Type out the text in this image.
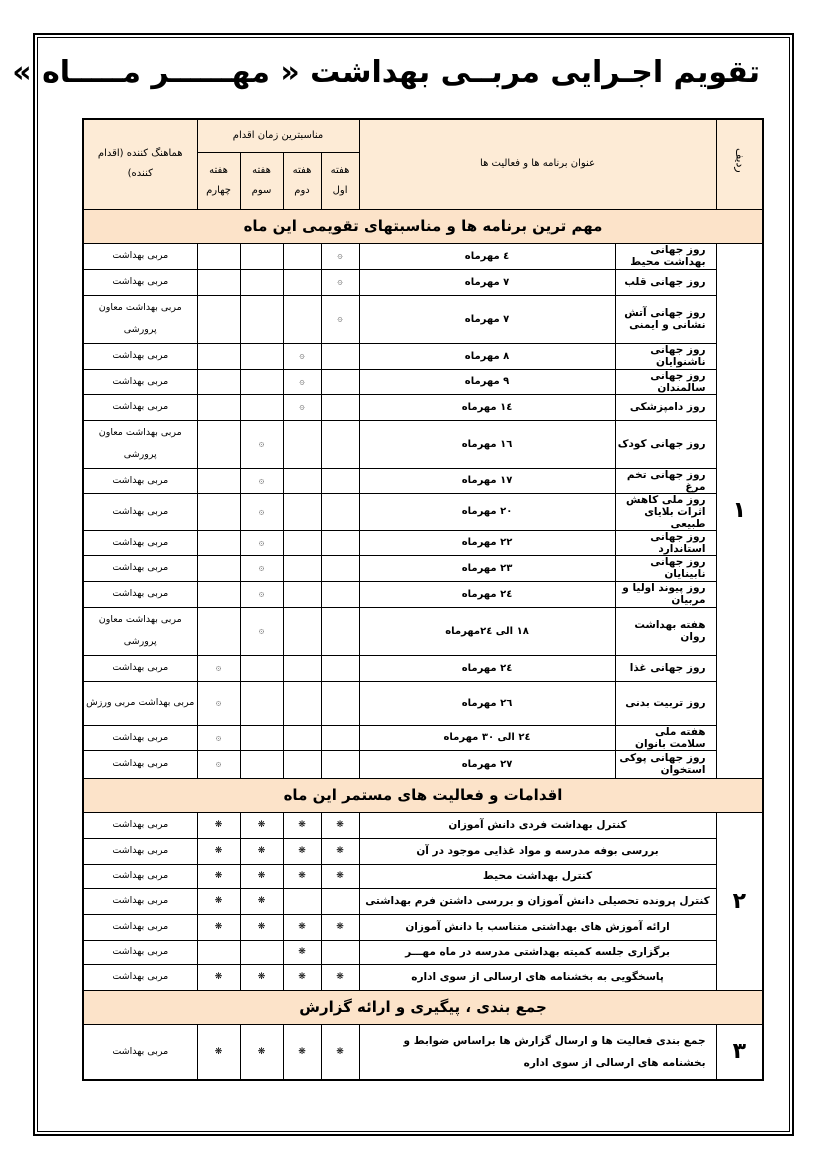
تقویم اجـرایی مربــی بهداشت « مهــــــر مـــــاه »
ردیف	عنوان برنامه ها و فعالیت ها		مناسبترین زمان اقدام				هماهنگ کننده (اقدام کننده)
			هفته اول	هفته دوم	هفته سوم	هفته چهارم	
مهم ترین برنامه ها و مناسبتهای تقویمی این ماه							
۱	روز جهانی بهداشت محیط	٤ مهرماه	۞				مربی بهداشت
	روز جهانی قلب	۷ مهرماه	۞				مربی بهداشت
	روز جهانی آتش نشانی و ایمنی	۷ مهرماه	۞				مربی بهداشت معاون پرورشی
	روز جهانی ناشنوایان	۸ مهرماه		۞			مربی بهداشت
	روز جهانی سالمندان	۹ مهرماه		۞			مربی بهداشت
	روز دامپزشکی	١٤ مهرماه		۞			مربی بهداشت
	روز جهانی کودک	١٦ مهرماه			۞		مربی بهداشت معاون پرورشی
	روز جهانی تخم مرغ	۱۷ مهرماه			۞		مربی بهداشت
	روز ملی کاهش اثرات بلایای طبیعی	۲۰ مهرماه			۞		مربی بهداشت
	روز جهانی استاندارد	۲۲ مهرماه			۞		مربی بهداشت
	روز جهانی نابینایان	۲۳ مهرماه			۞		مربی بهداشت
	روز پیوند اولیا و مربیان	۲٤ مهرماه			۞		مربی بهداشت
	هفته بهداشت روان	۱۸ الی ۲٤مهرماه			۞		مربی بهداشت معاون پرورشی
	روز جهانی غذا	۲٤ مهرماه				۞	مربی بهداشت
	روز تربیت بدنی	۲٦ مهرماه				۞	مربی بهداشت مربی ورزش
	هفته ملی سلامت بانوان	۲٤ الی ۳۰ مهرماه				۞	مربی بهداشت
	روز جهانی پوکی استخوان	۲۷ مهرماه				۞	مربی بهداشت
اقدامات و فعالیت های مستمر این ماه							
۲	کنترل بهداشت فردی دانش آموزان		❋	❋	❋	❋	مربی بهداشت
	بررسی بوفه مدرسه و مواد غذایی موجود در آن		❋	❋	❋	❋	مربی بهداشت
	کنترل بهداشت محیط		❋	❋	❋	❋	مربی بهداشت
	کنترل پرونده تحصیلی دانش آموزان و بررسی داشتن فرم بهداشتی				❋	❋	مربی بهداشت
	ارائه آموزش های بهداشتی متناسب با دانش آموزان		❋	❋	❋	❋	مربی بهداشت
	برگزاری جلسه کمیته بهداشتی مدرسه در ماه مهـــر			❋			مربی بهداشت
	پاسخگویی به بخشنامه های ارسالی از سوی اداره		❋	❋	❋	❋	مربی بهداشت
جمع بندی ، پیگیری و ارائه گزارش							
۳	جمع بندی فعالیت ها و ارسال گزارش ها براساس ضوابط و بخشنامه های ارسالی از سوی اداره		❋	❋	❋	❋	مربی بهداشت
